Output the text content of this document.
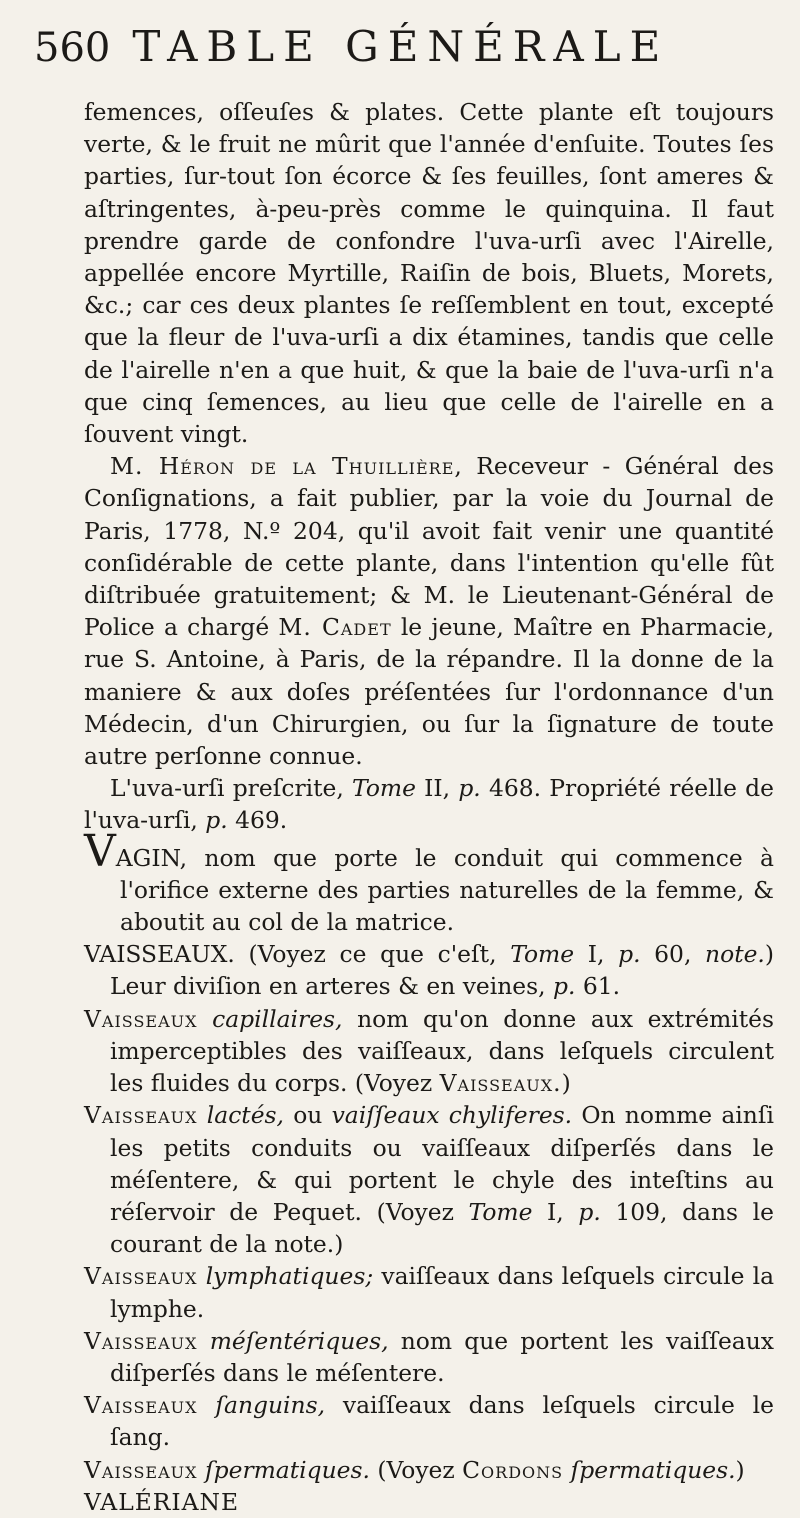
560 TABLE GÉNÉRALE

femences, oſſeuſes & plates. Cette plante eſt toujours verte, & le fruit ne mûrit que l'année d'enſuite. Toutes ſes parties, ſur-tout ſon écorce & ſes feuilles, ſont ameres & aſtringentes, à-peu-près comme le quinquina. Il faut prendre garde de confondre l'uva-urſi avec l'Airelle, appellée encore Myrtille, Raiſin de bois, Bluets, Morets, &c.; car ces deux plantes ſe reſſemblent en tout, excepté que la fleur de l'uva-urſi a dix étamines, tandis que celle de l'airelle n'en a que huit, & que la baie de l'uva-urſi n'a que cinq ſemences, au lieu que celle de l'airelle en a ſouvent vingt.

M. Héron de la Thuillière, Receveur - Général des Conſignations, a fait publier, par la voie du Journal de Paris, 1778, N.º 204, qu'il avoit fait venir une quantité conſidérable de cette plante, dans l'intention qu'elle fût diſtribuée gratuitement; & M. le Lieutenant-Général de Police a chargé M. Cadet le jeune, Maître en Pharmacie, rue S. Antoine, à Paris, de la répandre. Il la donne de la maniere & aux doſes préſentées ſur l'ordonnance d'un Médecin, d'un Chirurgien, ou ſur la ſignature de toute autre perſonne connue.

L'uva-urſi preſcrite, Tome II, p. 468. Propriété réelle de l'uva-urſi, p. 469.

VAGIN, nom que porte le conduit qui commence à l'orifice externe des parties naturelles de la femme, & aboutit au col de la matrice.

VAISSEAUX. (Voyez ce que c'eſt, Tome I, p. 60, note.) Leur diviſion en arteres & en veines, p. 61.

Vaisseaux capillaires, nom qu'on donne aux extrémités imperceptibles des vaiſſeaux, dans leſquels circulent les fluides du corps. (Voyez Vaisseaux.)

Vaisseaux lactés, ou vaiſſeaux chyliferes. On nomme ainſi les petits conduits ou vaiſſeaux diſperſés dans le méſentere, & qui portent le chyle des inteſtins au réſervoir de Pequet. (Voyez Tome I, p. 109, dans le courant de la note.)

Vaisseaux lymphatiques; vaiſſeaux dans leſquels circule la lymphe.

Vaisseaux méſentériques, nom que portent les vaiſſeaux diſperſés dans le méſentere.

Vaisseaux ſanguins, vaiſſeaux dans leſquels circule le ſang.

Vaisseaux ſpermatiques. (Voyez Cordons ſpermatiques.)

VALÉRIANE
